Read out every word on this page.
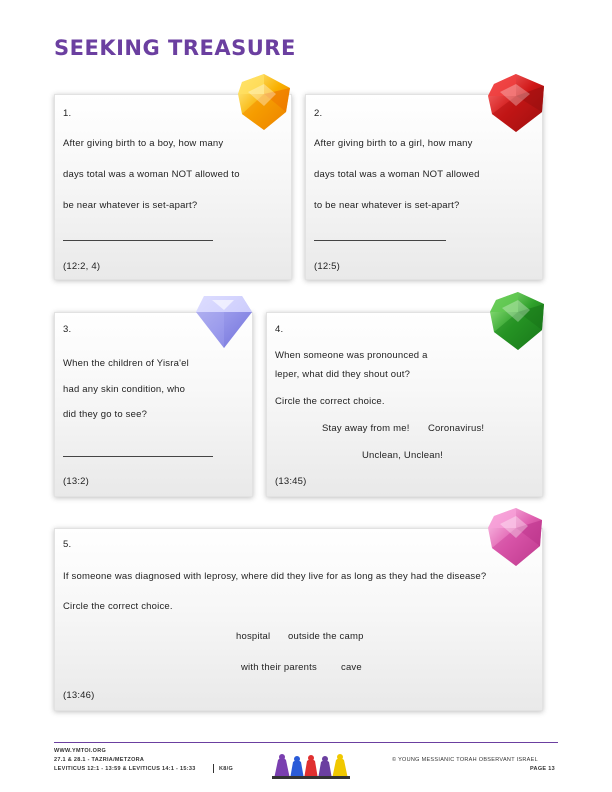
SEEKING TREASURE
1.
After giving birth to a boy, how many
days total was a woman NOT allowed to
be near whatever is set-apart?
(12:2, 4)
2.
After giving birth to a girl, how many
days total was a woman NOT allowed
to be near whatever is set-apart?
(12:5)
3.
When the children of Yisra'el
had any skin condition, who
did they go to see?
(13:2)
4.
When someone was pronounced a
leper, what did they shout out?
Circle the correct choice.
Stay away from me! Coronavirus!
Unclean, Unclean!
(13:45)
5.
If someone was diagnosed with leprosy, where did they live for as long as they had the disease?
Circle the correct choice.
hospital outside the camp
with their parents	cave
(13:46)
WWW.YMTOI.ORG
27.1 & 28.1 - TAZRIA/METZORA
LEVITICUS 12:1 - 13:59 & LEVITICUS 14:1 - 15:33	K8/G
© YOUNG MESSIANIC TORAH OBSERVANT ISRAEL
PAGE 13
